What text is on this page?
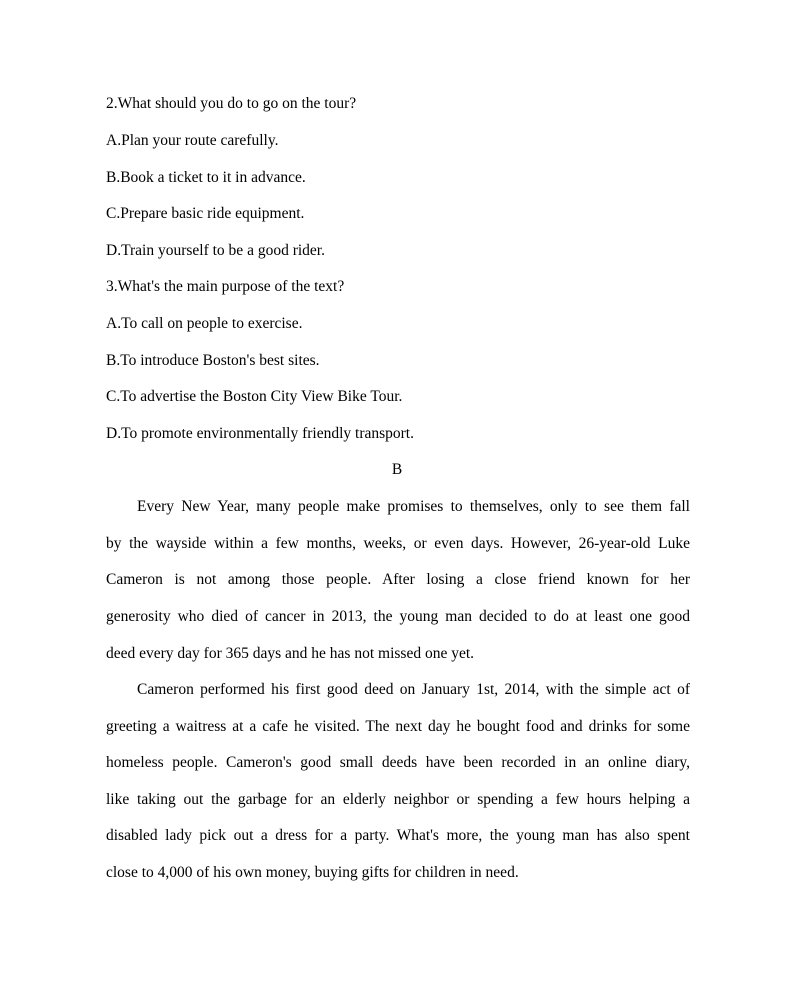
2.What should you do to go on the tour?
A.Plan your route carefully.
B.Book a ticket to it in advance.
C.Prepare basic ride equipment.
D.Train yourself to be a good rider.
3.What's the main purpose of the text?
A.To call on people to exercise.
B.To introduce Boston's best sites.
C.To advertise the Boston City View Bike Tour.
D.To promote environmentally friendly transport.
B
Every New Year, many people make promises to themselves, only to see them fall
by the wayside within a few months, weeks, or even days. However, 26-year-old Luke
Cameron is not among those people. After losing a close friend known for her
generosity who died of cancer in 2013, the young man decided to do at least one good
deed every day for 365 days and he has not missed one yet.
Cameron performed his first good deed on January 1st, 2014, with the simple act of
greeting a waitress at a cafe he visited. The next day he bought food and drinks for some
homeless people. Cameron's good small deeds have been recorded in an online diary,
like taking out the garbage for an elderly neighbor or spending a few hours helping a
disabled lady pick out a dress for a party. What's more, the young man has also spent
close to 4,000 of his own money, buying gifts for children in need.
